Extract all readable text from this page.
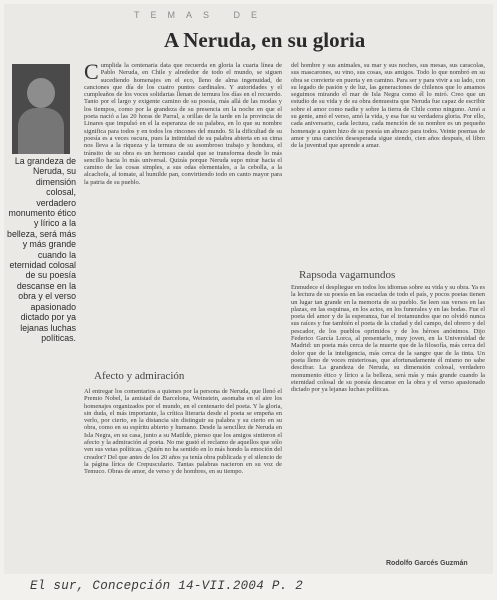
TEMAS DE
A Neruda, en su gloria
La grandeza de Neruda, su dimensión colosal, verdadero monumento ético y lírico a la belleza, será más y más grande cuando la eternidad colosal de su poesía descanse en la obra y el verso apasionado dictado por ya lejanas luchas políticas.

Cumplida la centenaria data que recuerda en gloria la cuarta línea de Pablo Neruda, en Chile y alrededor de todo el mundo, se siguen sucediendo homenajes en el eco, lleno de alma ingenuidad, de canciones que día de los cuatro puntos cardinales. Y autoridades y el cumpleaños de los voces solidarias llenan de ternura los días en el recuerdo. Tanto por el largo y exigente camino de su poesía, más allá de las modas y los tiempos, como por la grandeza de su presencia en la noche en que el poeta nació a las 20 horas de Parral, a orillas de la tarde en la provincia de Linares que impulsó en el la esperanza de su palabra, en lo que su nombre significa para todos y en todos los rincones del mundo. Si la dificultad de su poesía es a veces oscura, pues la intimidad de su palabra abierta en su cima nos lleva a la riqueza y la ternura de su asombroso trabajo y hondura, el tránsito de su obra es un hermoso caudal que se transforma desde lo más sencillo hacia lo más universal. Quizás porque Neruda supo mirar hacia el camino de las cosas simples, a sus odas elementales, a la cebolla, a la alcachofa, al tomate, al humilde pan, convirtiendo todo en canto mayor para la patria de su pueblo.

Afecto y admiración

Al entregar los comentarios a quienes por la persona de Neruda, que llenó el Premio Nobel, la amistad de Barcelona, Weinstein, asomaba en el aire los homenajes organizados por el mundo, en el centenario del poeta. Y la gloria, sin duda, el más importante, la crítica literaria desde el poeta se empeña en verlo, por cierto, en la distancia sin distinguir su palabra y su cierto en su obra, como en su espíritu abierto y humano. Desde la sencillez de Neruda en Isla Negra, en su casa, junto a su Matilde, pienso que los amigos sintieron el afecto y la admiración al poeta. No me gustó el reclamo de aquellos que sólo ven sus vetas políticas. ¿Quién no ha sentido en lo más hondo la emoción del creador? Del que antes de los 20 años ya tenía obra publicada y el silencio de la página lírica de Crepusculario. Tantas palabras nacieron en su voz de Temuco. Obras de amor, de verso y de hombres, en su tiempo.

del hombre y sus animales, su mar y sus noches, sus mesas, sus caracolas, sus mascarones, su vino, sus cosas, sus amigos. Todo lo que nombró en su obra se convierte en puerta y en camino. Para ser y para vivir a su lado, con su legado de pasión y de luz, las generaciones de chilenos que lo amamos seguimos mirando el mar de Isla Negra como él lo miró. Creo que un estudio de su vida y de su obra demuestra que Neruda fue capaz de escribir sobre el amor como nadie y sobre la tierra de Chile como ninguno. Amó a su gente, amó el verso, amó la vida, y esa fue su verdadera gloria. Por ello, cada aniversario, cada lectura, cada mención de su nombre es un pequeño homenaje a quien hizo de su poesía un abrazo para todos. Veinte poemas de amor y una canción desesperada sigue siendo, cien años después, el libro de la juventud que aprende a amar.

Rapsoda vagamundos

Enmudece el despliegue en todos los idiomas sobre su vida y su obra. Ya es la lectura de su poesía en las escuelas de todo el país, y pocos poetas tienen un lugar tan grande en la memoria de su pueblo. Se leen sus versos en las plazas, en las esquinas, en los actos, en los funerales y en las bodas. Fue el poeta del amor y de la esperanza, fue el trotamundos que no olvidó nunca sus raíces y fue también el poeta de la ciudad y del campo, del obrero y del pescador, de los pueblos oprimidos y de los héroes anónimos. Dijo Federico García Lorca, al presentarlo, muy joven, en la Universidad de Madrid: un poeta más cerca de la muerte que de la filosofía, más cerca del dolor que de la inteligencia, más cerca de la sangre que de la tinta. Un poeta lleno de voces misteriosas, que afortunadamente él mismo no sabe descifrar. La grandeza de Neruda, su dimensión colosal, verdadero monumento ético y lírico a la belleza, será más y más grande cuando la eternidad colosal de su poesía descanse en la obra y el verso apasionado dictado por ya lejanas luchas políticas.

Rodolfo Garcés Guzmán
El sur, Concepción 14-VII.2004 P. 2
